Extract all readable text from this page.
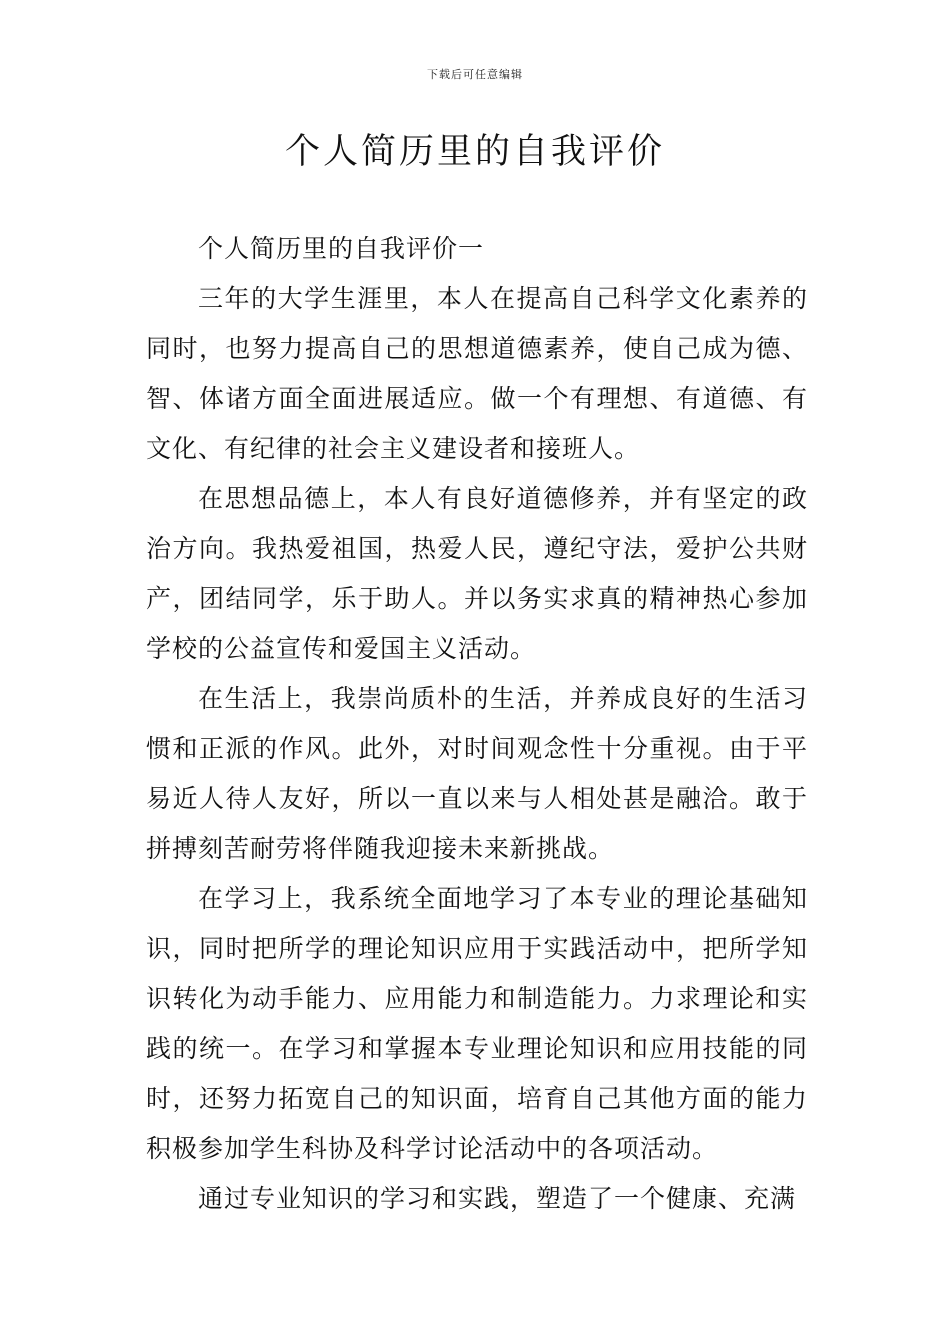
下载后可任意编辑
个人简历里的自我评价

个人简历里的自我评价一

三年的大学生涯里，本人在提高自己科学文化素养的同时，也努力提高自己的思想道德素养，使自己成为德、智、体诸方面全面进展适应。做一个有理想、有道德、有文化、有纪律的社会主义建设者和接班人。

在思想品德上，本人有良好道德修养，并有坚定的政治方向。我热爱祖国，热爱人民，遵纪守法，爱护公共财产，团结同学，乐于助人。并以务实求真的精神热心参加学校的公益宣传和爱国主义活动。

在生活上，我崇尚质朴的生活，并养成良好的生活习惯和正派的作风。此外，对时间观念性十分重视。由于平易近人待人友好，所以一直以来与人相处甚是融洽。敢于拼搏刻苦耐劳将伴随我迎接未来新挑战。

在学习上，我系统全面地学习了本专业的理论基础知识，同时把所学的理论知识应用于实践活动中，把所学知识转化为动手能力、应用能力和制造能力。力求理论和实践的统一。在学习和掌握本专业理论知识和应用技能的同时，还努力拓宽自己的知识面，培育自己其他方面的能力积极参加学生科协及科学讨论活动中的各项活动。

通过专业知识的学习和实践，塑造了一个健康、充满
